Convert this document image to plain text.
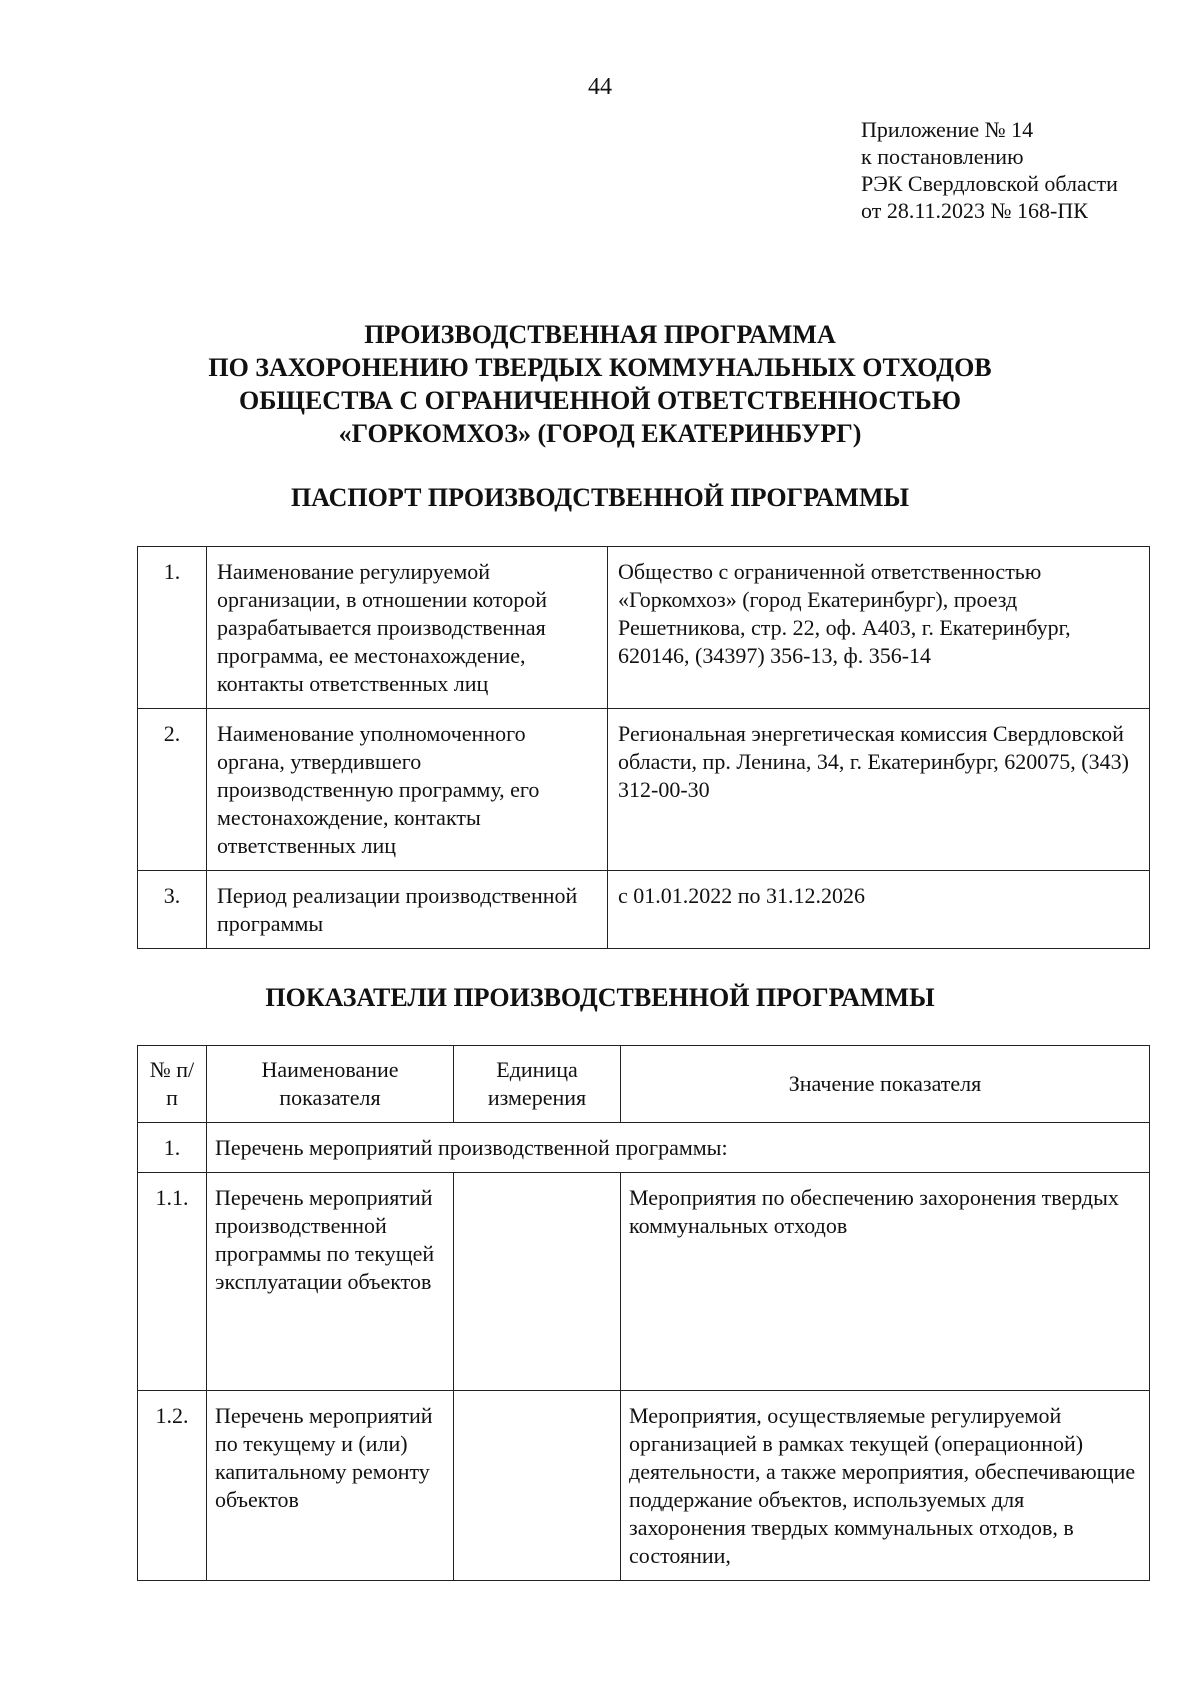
44
Приложение № 14
к постановлению
РЭК Свердловской области
от 28.11.2023 № 168-ПК
ПРОИЗВОДСТВЕННАЯ ПРОГРАММА
ПО ЗАХОРОНЕНИЮ ТВЕРДЫХ КОММУНАЛЬНЫХ ОТХОДОВ
ОБЩЕСТВА С ОГРАНИЧЕННОЙ ОТВЕТСТВЕННОСТЬЮ
«ГОРКОМХОЗ» (ГОРОД ЕКАТЕРИНБУРГ)
ПАСПОРТ ПРОИЗВОДСТВЕННОЙ ПРОГРАММЫ
1.	Наименование регулируемой организации, в отношении которой разрабатывается производственная программа, ее местонахождение, контакты ответственных лиц	Общество с ограниченной ответственностью «Горкомхоз» (город Екатеринбург), проезд Решетникова, стр. 22, оф. А403, г. Екатеринбург, 620146, (34397) 356-13, ф. 356-14
2.	Наименование уполномоченного органа, утвердившего производственную программу, его местонахождение, контакты ответственных лиц	Региональная энергетическая комиссия Свердловской области, пр. Ленина, 34, г. Екатеринбург, 620075, (343) 312-00-30
3.	Период реализации производственной программы	с 01.01.2022 по 31.12.2026
ПОКАЗАТЕЛИ ПРОИЗВОДСТВЕННОЙ ПРОГРАММЫ
№ п/п	Наименование показателя	Единица измерения	Значение показателя
1.	Перечень мероприятий производственной программы:		
1.1.	Перечень мероприятий производственной программы по текущей эксплуатации объектов		Мероприятия по обеспечению захоронения твердых коммунальных отходов
1.2.	Перечень мероприятий по текущему и (или) капитальному ремонту объектов		Мероприятия, осуществляемые регулируемой организацией в рамках текущей (операционной) деятельности, а также мероприятия, обеспечивающие поддержание объектов, используемых для захоронения твердых коммунальных отходов, в состоянии,
